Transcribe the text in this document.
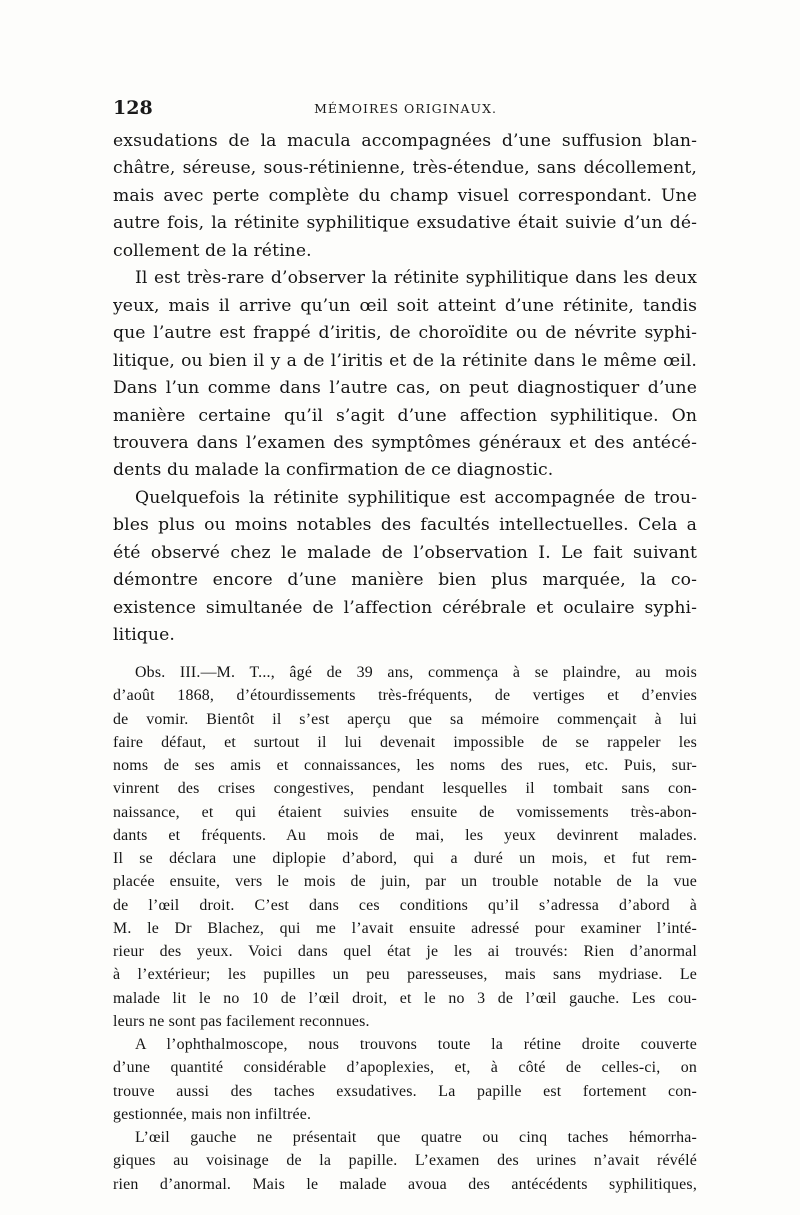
128	MÉMOIRES ORIGINAUX.
exsudations de la macula accompagnées d’une suffusion blan-
châtre, séreuse, sous-rétinienne, très-étendue, sans décollement,
mais avec perte complète du champ visuel correspondant. Une
autre fois, la rétinite syphilitique exsudative était suivie d’un dé-
collement de la rétine.
Il est très-rare d’observer la rétinite syphilitique dans les deux
yeux, mais il arrive qu’un œil soit atteint d’une rétinite, tandis
que l’autre est frappé d’iritis, de choroïdite ou de névrite syphi-
litique, ou bien il y a de l’iritis et de la rétinite dans le même œil.
Dans l’un comme dans l’autre cas, on peut diagnostiquer d’une
manière certaine qu’il s’agit d’une affection syphilitique. On
trouvera dans l’examen des symptômes généraux et des antécé-
dents du malade la confirmation de ce diagnostic.
Quelquefois la rétinite syphilitique est accompagnée de trou-
bles plus ou moins notables des facultés intellectuelles. Cela a
été observé chez le malade de l’observation I. Le fait suivant
démontre encore d’une manière bien plus marquée, la co-
existence simultanée de l’affection cérébrale et oculaire syphi-
litique.
Obs. III.—M. T..., âgé de 39 ans, commença à se plaindre, au mois
d’août 1868, d’étourdissements très-fréquents, de vertiges et d’envies
de vomir. Bientôt il s’est aperçu que sa mémoire commençait à lui
faire défaut, et surtout il lui devenait impossible de se rappeler les
noms de ses amis et connaissances, les noms des rues, etc. Puis, sur-
vinrent des crises congestives, pendant lesquelles il tombait sans con-
naissance, et qui étaient suivies ensuite de vomissements très-abon-
dants et fréquents. Au mois de mai, les yeux devinrent malades.
Il se déclara une diplopie d’abord, qui a duré un mois, et fut rem-
placée ensuite, vers le mois de juin, par un trouble notable de la vue
de l’œil droit. C’est dans ces conditions qu’il s’adressa d’abord à
M. le Dr Blachez, qui me l’avait ensuite adressé pour examiner l’inté-
rieur des yeux. Voici dans quel état je les ai trouvés: Rien d’anormal
à l’extérieur; les pupilles un peu paresseuses, mais sans mydriase. Le
malade lit le no 10 de l’œil droit, et le no 3 de l’œil gauche. Les cou-
leurs ne sont pas facilement reconnues.
A l’ophthalmoscope, nous trouvons toute la rétine droite couverte
d’une quantité considérable d’apoplexies, et, à côté de celles-ci, on
trouve aussi des taches exsudatives. La papille est fortement con-
gestionnée, mais non infiltrée.
L’œil gauche ne présentait que quatre ou cinq taches hémorrha-
giques au voisinage de la papille. L’examen des urines n’avait révélé
rien d’anormal. Mais le malade avoua des antécédents syphilitiques,
